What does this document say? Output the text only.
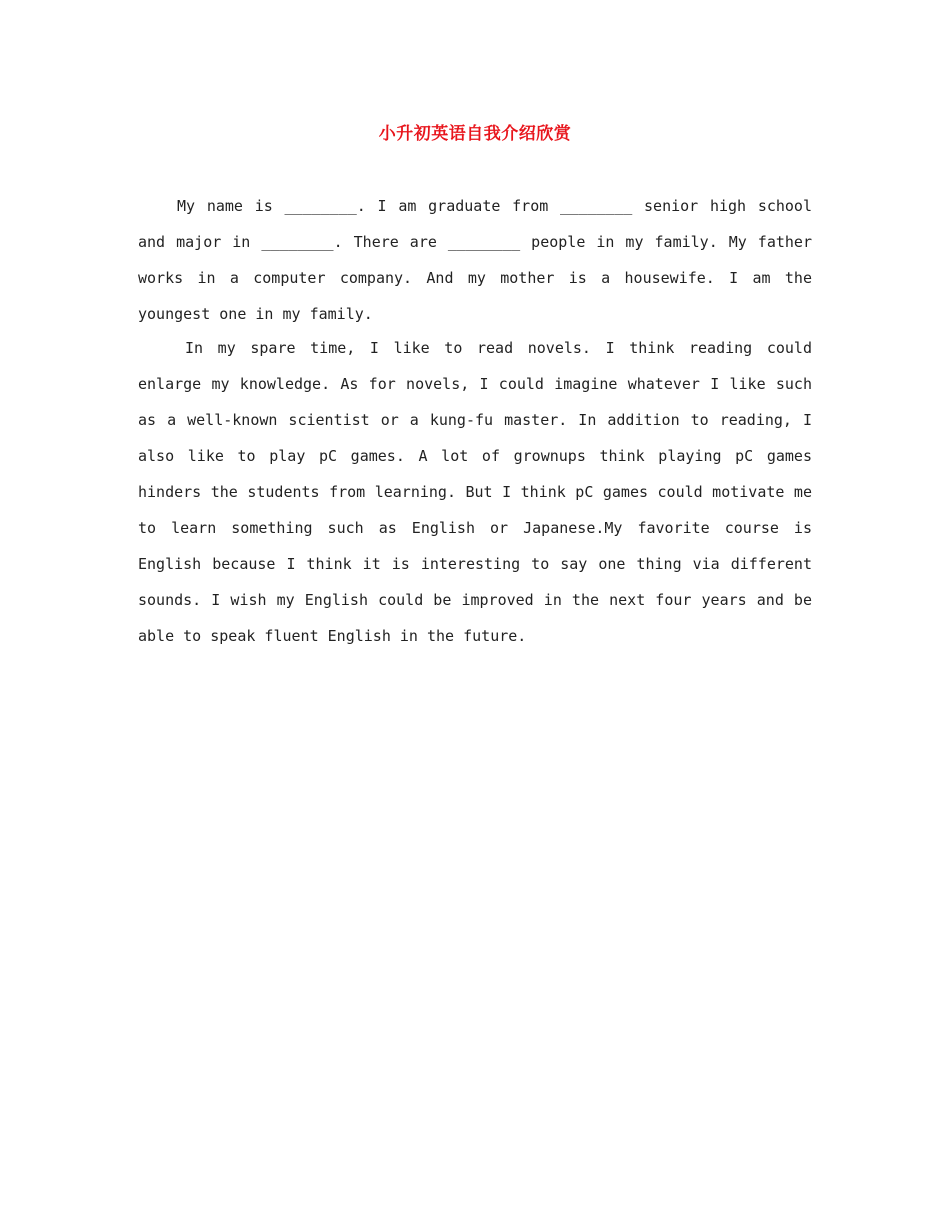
小升初英语自我介绍欣赏

My name is ________. I am graduate from ________ senior high school and major in ________. There are ________ people in my family. My father works in a computer company. And my mother is a housewife. I am the youngest one in my family.

In my spare time, I like to read novels. I think reading could enlarge my knowledge. As for novels, I could imagine whatever I like such as a well-known scientist or a kung-fu master. In addition to reading, I also like to play pC games. A lot of grownups think playing pC games hinders the students from learning. But I think pC games could motivate me to learn something such as English or Japanese.My favorite course is English because I think it is interesting to say one thing via different sounds. I wish my English could be improved in the next four years and be able to speak fluent English in the future.
